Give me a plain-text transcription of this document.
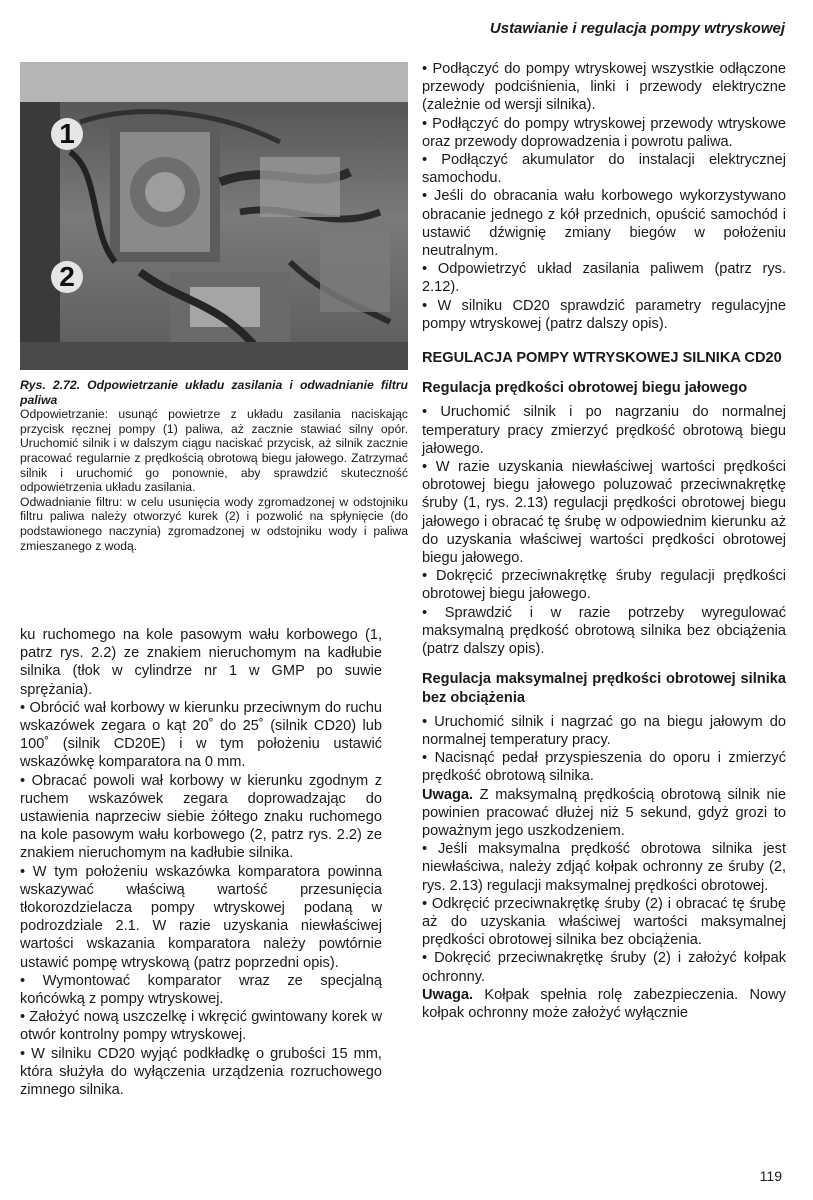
Ustawianie i regulacja pompy wtryskowej
1
2

Rys. 2.72. Odpowietrzanie układu zasilania i odwadnianie filtru paliwa

Odpowietrzanie: usunąć powietrze z układu zasilania naciskając przycisk ręcznej pompy (1) paliwa, aż zacznie stawiać silny opór. Uruchomić silnik i w dalszym ciągu naciskać przycisk, aż silnik zacznie pracować regularnie z prędkością obrotową biegu jałowego. Zatrzymać silnik i uruchomić go ponownie, aby sprawdzić skuteczność odpowietrzenia układu zasilania.

Odwadnianie filtru: w celu usunięcia wody zgromadzonej w odstojniku filtru paliwa należy otworzyć kurek (2) i pozwolić na spłynięcie (do podstawionego naczynia) zgromadzonej w odstojniku wody i paliwa zmieszanego z wodą.

ku ruchomego na kole pasowym wału korbowego (1, patrz rys. 2.2) ze znakiem nieruchomym na kadłubie silnika (tłok w cylindrze nr 1 w GMP po suwie sprężania).

• Obrócić wał korbowy w kierunku przeciwnym do ruchu wskazówek zegara o kąt 20˚ do 25˚ (silnik CD20) lub 100˚ (silnik CD20E) i w tym położeniu ustawić wskazówkę komparatora na 0 mm.

• Obracać powoli wał korbowy w kierunku zgodnym z ruchem wskazówek zegara doprowadzając do ustawienia naprzeciw siebie żółtego znaku ruchomego na kole pasowym wału korbowego (2, patrz rys. 2.2) ze znakiem nieruchomym na kadłubie silnika.

• W tym położeniu wskazówka komparatora powinna wskazywać właściwą wartość przesunięcia tłokorozdzielacza pompy wtryskowej podaną w podrozdziale 2.1. W razie uzyskania niewłaściwej wartości wskazania komparatora należy powtórnie ustawić pompę wtryskową (patrz poprzedni opis).

• Wymontować komparator wraz ze specjalną końcówką z pompy wtryskowej.

• Założyć nową uszczelkę i wkręcić gwintowany korek w otwór kontrolny pompy wtryskowej.

• W silniku CD20 wyjąć podkładkę o grubości 15 mm, która służyła do wyłączenia urządzenia rozruchowego zimnego silnika.

• Podłączyć do pompy wtryskowej wszystkie odłączone przewody podciśnienia, linki i przewody elektryczne (zależnie od wersji silnika).

• Podłączyć do pompy wtryskowej przewody wtryskowe oraz przewody doprowadzenia i powrotu paliwa.

• Podłączyć akumulator do instalacji elektrycznej samochodu.

• Jeśli do obracania wału korbowego wykorzystywano obracanie jednego z kół przednich, opuścić samochód i ustawić dźwignię zmiany biegów w położeniu neutralnym.

• Odpowietrzyć układ zasilania paliwem (patrz rys. 2.12).

• W silniku CD20 sprawdzić parametry regulacyjne pompy wtryskowej (patrz dalszy opis).

REGULACJA POMPY WTRYSKOWEJ SILNIKA CD20
Regulacja prędkości obrotowej biegu jałowego

• Uruchomić silnik i po nagrzaniu do normalnej temperatury pracy zmierzyć prędkość obrotową biegu jałowego.

• W razie uzyskania niewłaściwej wartości prędkości obrotowej biegu jałowego poluzować przeciwnakrętkę śruby (1, rys. 2.13) regulacji prędkości obrotowej biegu jałowego i obracać tę śrubę w odpowiednim kierunku aż do uzyskania właściwej wartości prędkości obrotowej biegu jałowego.

• Dokręcić przeciwnakrętkę śruby regulacji prędkości obrotowej biegu jałowego.

• Sprawdzić i w razie potrzeby wyregulować maksymalną prędkość obrotową silnika bez obciążenia (patrz dalszy opis).

Regulacja maksymalnej prędkości obrotowej silnika bez obciążenia

• Uruchomić silnik i nagrzać go na biegu jałowym do normalnej temperatury pracy.

• Nacisnąć pedał przyspieszenia do oporu i zmierzyć prędkość obrotową silnika.

Uwaga. Z maksymalną prędkością obrotową silnik nie powinien pracować dłużej niż 5 sekund, gdyż grozi to poważnym jego uszkodzeniem.

• Jeśli maksymalna prędkość obrotowa silnika jest niewłaściwa, należy zdjąć kołpak ochronny ze śruby (2, rys. 2.13) regulacji maksymalnej prędkości obrotowej.

• Odkręcić przeciwnakrętkę śruby (2) i obracać tę śrubę aż do uzyskania właściwej wartości maksymalnej prędkości obrotowej silnika bez obciążenia.

• Dokręcić przeciwnakrętkę śruby (2) i założyć kołpak ochronny.

Uwaga. Kołpak spełnia rolę zabezpieczenia. Nowy kołpak ochronny może założyć wyłącznie

119
